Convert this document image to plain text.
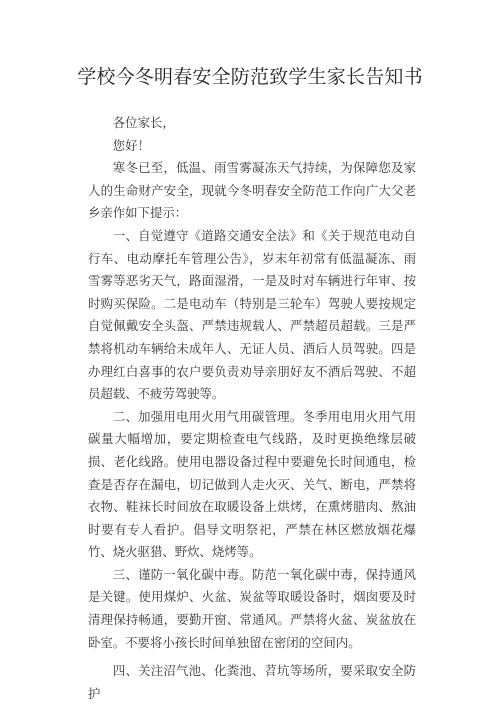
学校今冬明春安全防范致学生家长告知书

各位家长，

您好！

寒冬已至，低温、雨雪雾凝冻天气持续，为保障您及家人的生命财产安全，现就今冬明春安全防范工作向广大父老乡亲作如下提示：

一、自觉遵守《道路交通安全法》和《关于规范电动自行车、电动摩托车管理公告》，岁末年初常有低温凝冻、雨雪雾等恶劣天气，路面湿滑，一是及时对车辆进行年审、按时购买保险。二是电动车（特别是三轮车）驾驶人要按规定自觉佩戴安全头盔、严禁违规载人、严禁超员超载。三是严禁将机动车辆给未成年人、无证人员、酒后人员驾驶。四是办理红白喜事的农户要负责劝导亲朋好友不酒后驾驶、不超员超载、不疲劳驾驶等。

二、加强用电用火用气用碳管理。冬季用电用火用气用碳量大幅增加，要定期检查电气线路，及时更换绝缘层破损、老化线路。使用电器设备过程中要避免长时间通电，检查是否存在漏电，切记做到人走火灭、关气、断电，严禁将衣物、鞋袜长时间放在取暖设备上烘烤，在熏烤腊肉、熬油时要有专人看护。倡导文明祭祀，严禁在林区燃放烟花爆竹、烧火驱猎、野炊、烧烤等。

三、谨防一氧化碳中毒。防范一氧化碳中毒，保持通风是关键。使用煤炉、火盆、炭盆等取暖设备时，烟囱要及时清理保持畅通，要勤开窗、常通风。严禁将火盆、炭盆放在卧室。不要将小孩长时间单独留在密闭的空间内。

四、关注沼气池、化粪池、苕坑等场所，要采取安全防护
